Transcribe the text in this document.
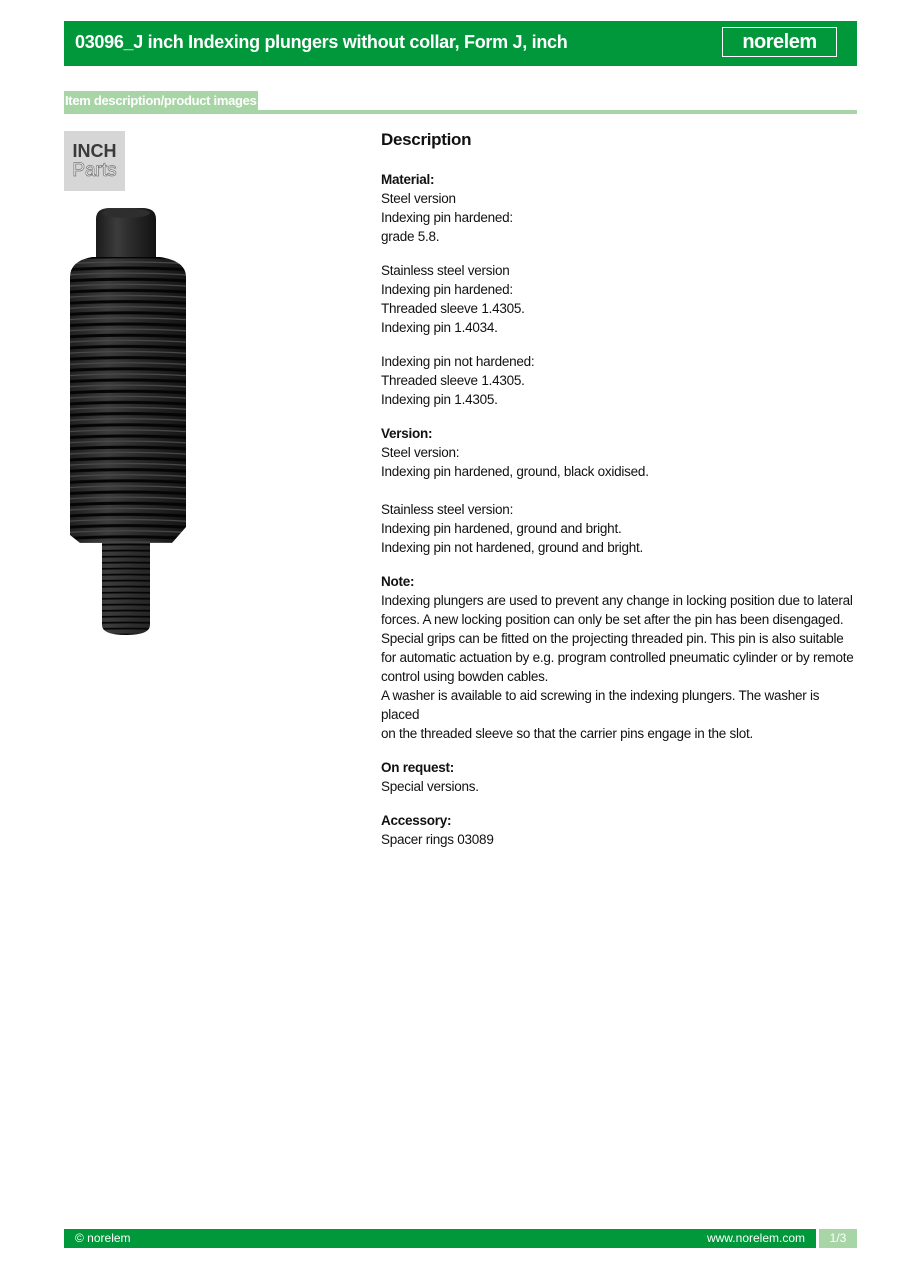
03096_J inch Indexing plungers without collar, Form J, inch	norelem
Item description/product images
INCH
Parts
Description
Material:
Steel version
Indexing pin hardened:
grade 5.8.
Stainless steel version
Indexing pin hardened:
Threaded sleeve 1.4305.
Indexing pin 1.4034.
Indexing pin not hardened:
Threaded sleeve 1.4305.
Indexing pin 1.4305.
Version:
Steel version:
Indexing pin hardened, ground, black oxidised.
Stainless steel version:
Indexing pin hardened, ground and bright.
Indexing pin not hardened, ground and bright.
Note:
Indexing plungers are used to prevent any change in locking position due to lateral
forces. A new locking position can only be set after the pin has been disengaged.
Special grips can be fitted on the projecting threaded pin. This pin is also suitable
for automatic actuation by e.g. program controlled pneumatic cylinder or by remote
control using bowden cables.
A washer is available to aid screwing in the indexing plungers. The washer is placed
on the threaded sleeve so that the carrier pins engage in the slot.
On request:
Special versions.
Accessory:
Spacer rings 03089
© norelem	www.norelem.com	1/3
